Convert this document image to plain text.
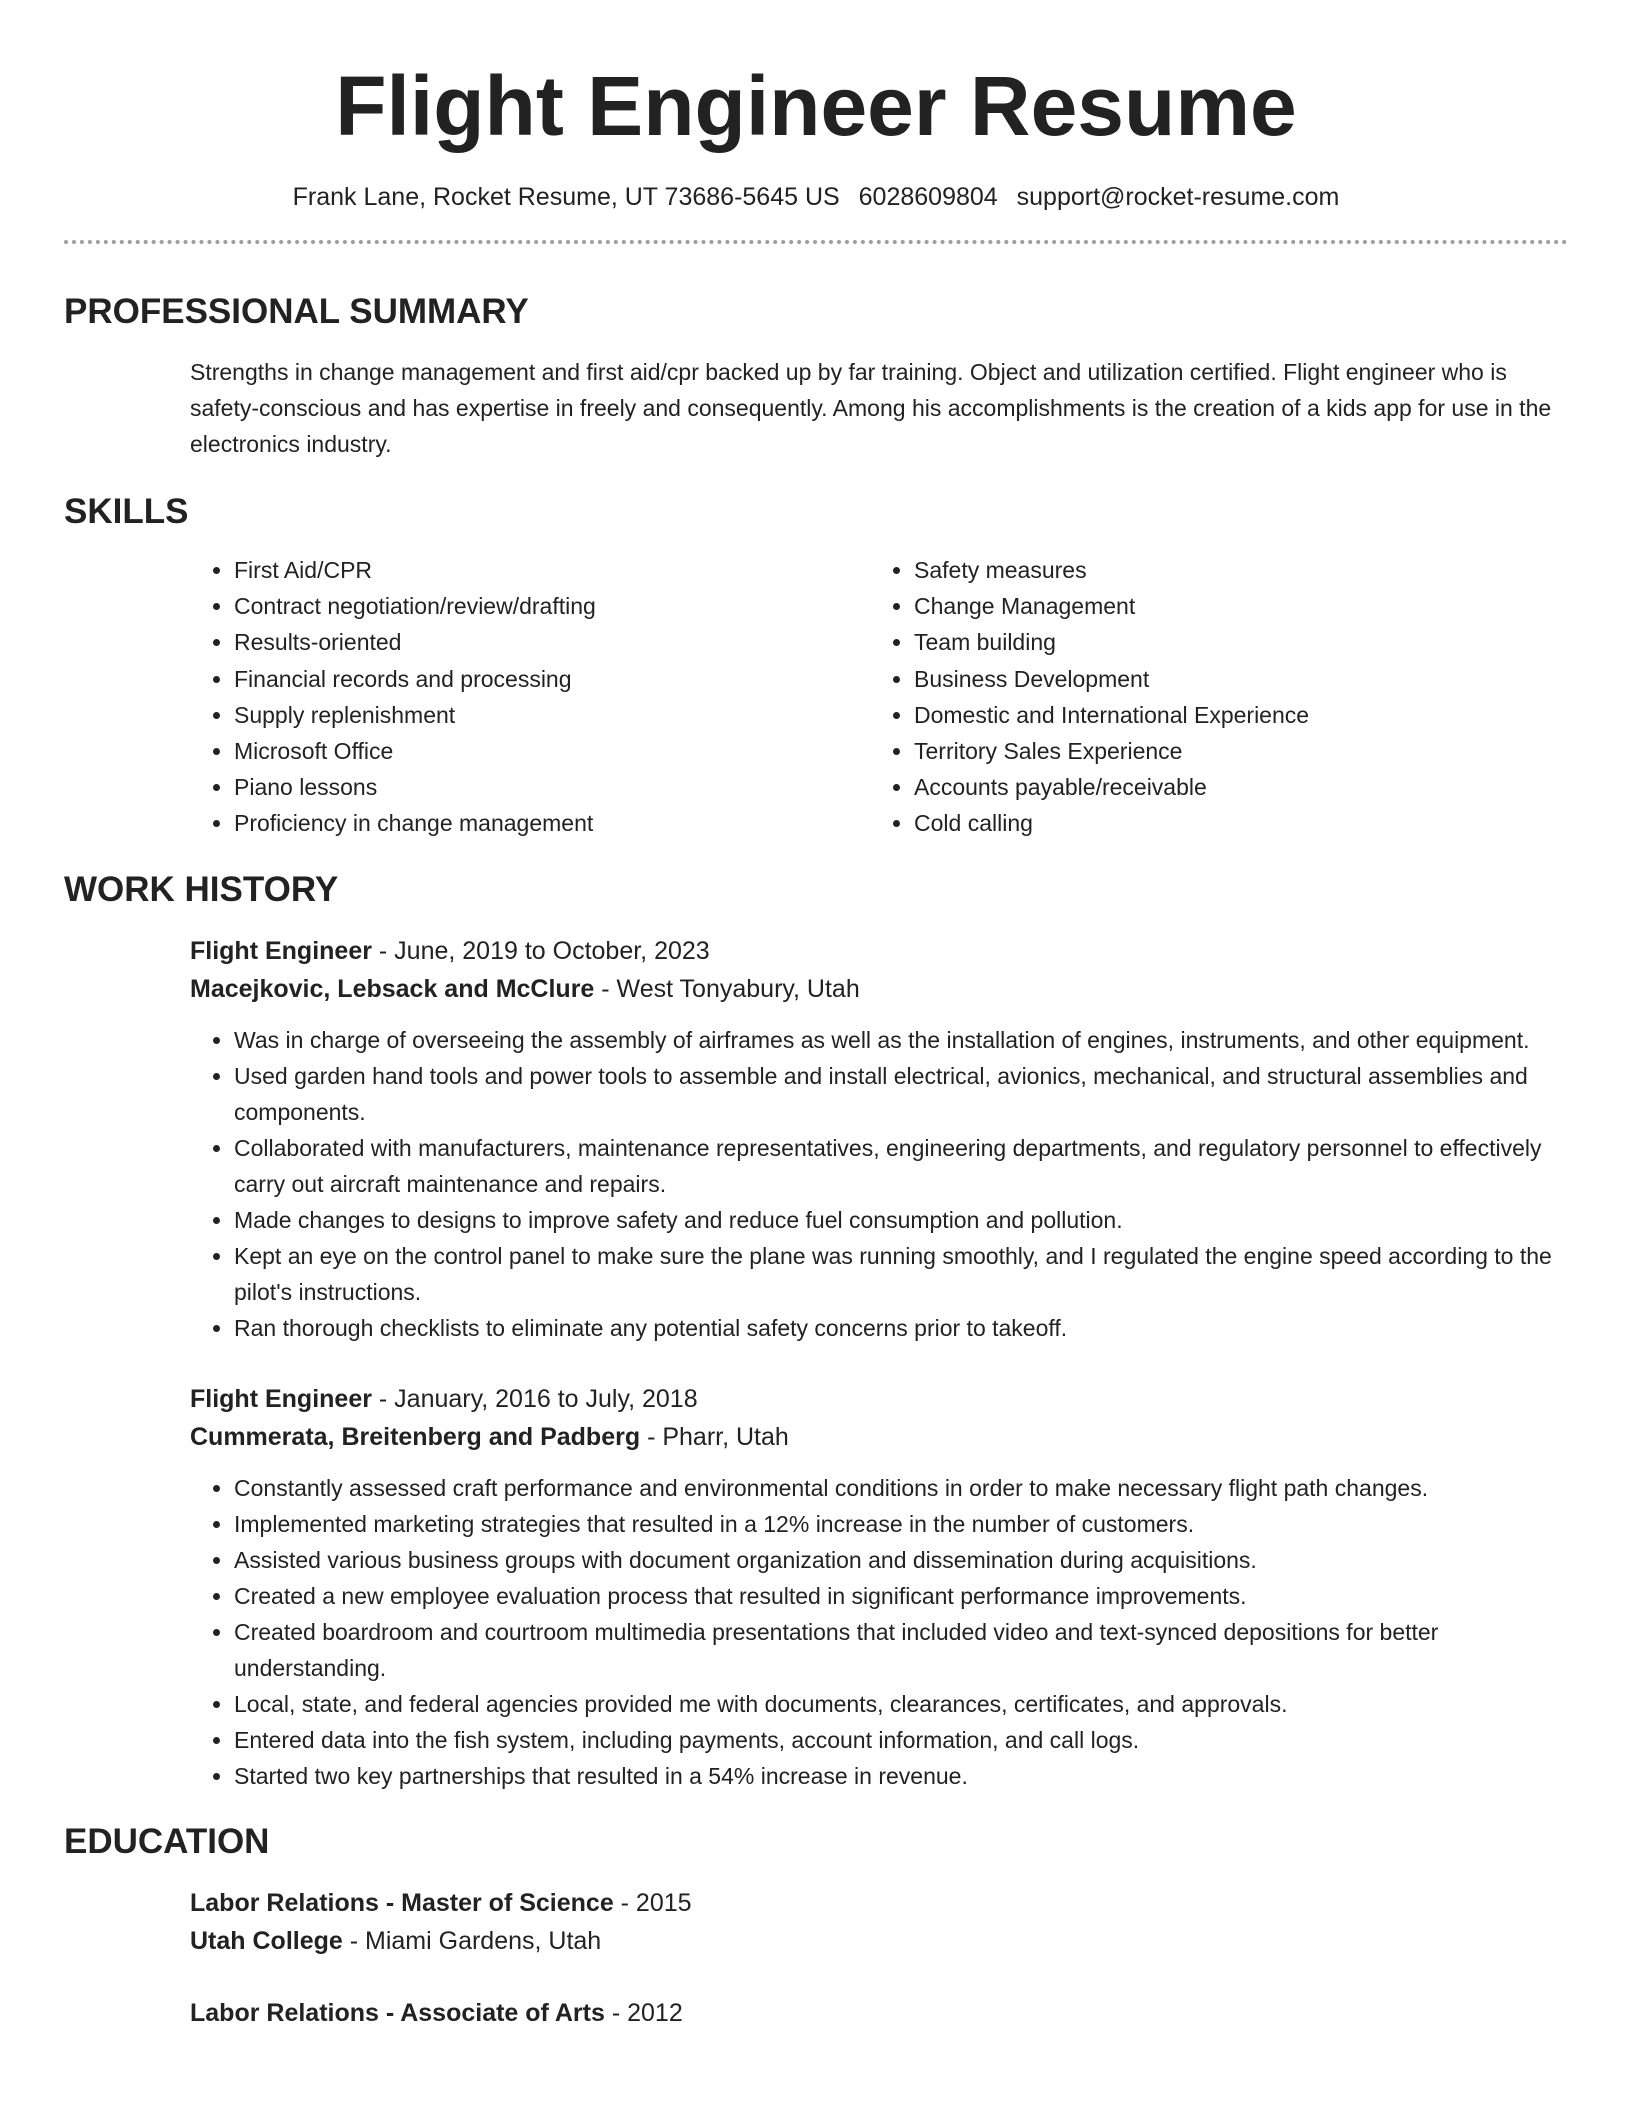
Flight Engineer Resume
Frank Lane, Rocket Resume, UT 73686-5645 US 6028609804 support@rocket-resume.com
PROFESSIONAL SUMMARY

Strengths in change management and first aid/cpr backed up by far training. Object and utilization certified. Flight engineer who is safety-conscious and has expertise in freely and consequently. Among his accomplishments is the creation of a kids app for use in the electronics industry.

SKILLS
• First Aid/CPR
• Contract negotiation/review/drafting
• Results-oriented
• Financial records and processing
• Supply replenishment
• Microsoft Office
• Piano lessons
• Proficiency in change management
• Safety measures
• Change Management
• Team building
• Business Development
• Domestic and International Experience
• Territory Sales Experience
• Accounts payable/receivable
• Cold calling
WORK HISTORY
Flight Engineer - June, 2019 to October, 2023
Macejkovic, Lebsack and McClure - West Tonyabury, Utah
• Was in charge of overseeing the assembly of airframes as well as the installation of engines, instruments, and other equipment.
• Used garden hand tools and power tools to assemble and install electrical, avionics, mechanical, and structural assemblies and components.
• Collaborated with manufacturers, maintenance representatives, engineering departments, and regulatory personnel to effectively carry out aircraft maintenance and repairs.
• Made changes to designs to improve safety and reduce fuel consumption and pollution.
• Kept an eye on the control panel to make sure the plane was running smoothly, and I regulated the engine speed according to the pilot's instructions.
• Ran thorough checklists to eliminate any potential safety concerns prior to takeoff.
Flight Engineer - January, 2016 to July, 2018
Cummerata, Breitenberg and Padberg - Pharr, Utah
• Constantly assessed craft performance and environmental conditions in order to make necessary flight path changes.
• Implemented marketing strategies that resulted in a 12% increase in the number of customers.
• Assisted various business groups with document organization and dissemination during acquisitions.
• Created a new employee evaluation process that resulted in significant performance improvements.
• Created boardroom and courtroom multimedia presentations that included video and text-synced depositions for better understanding.
• Local, state, and federal agencies provided me with documents, clearances, certificates, and approvals.
• Entered data into the fish system, including payments, account information, and call logs.
• Started two key partnerships that resulted in a 54% increase in revenue.
EDUCATION
Labor Relations - Master of Science - 2015
Utah College - Miami Gardens, Utah
Labor Relations - Associate of Arts - 2012
